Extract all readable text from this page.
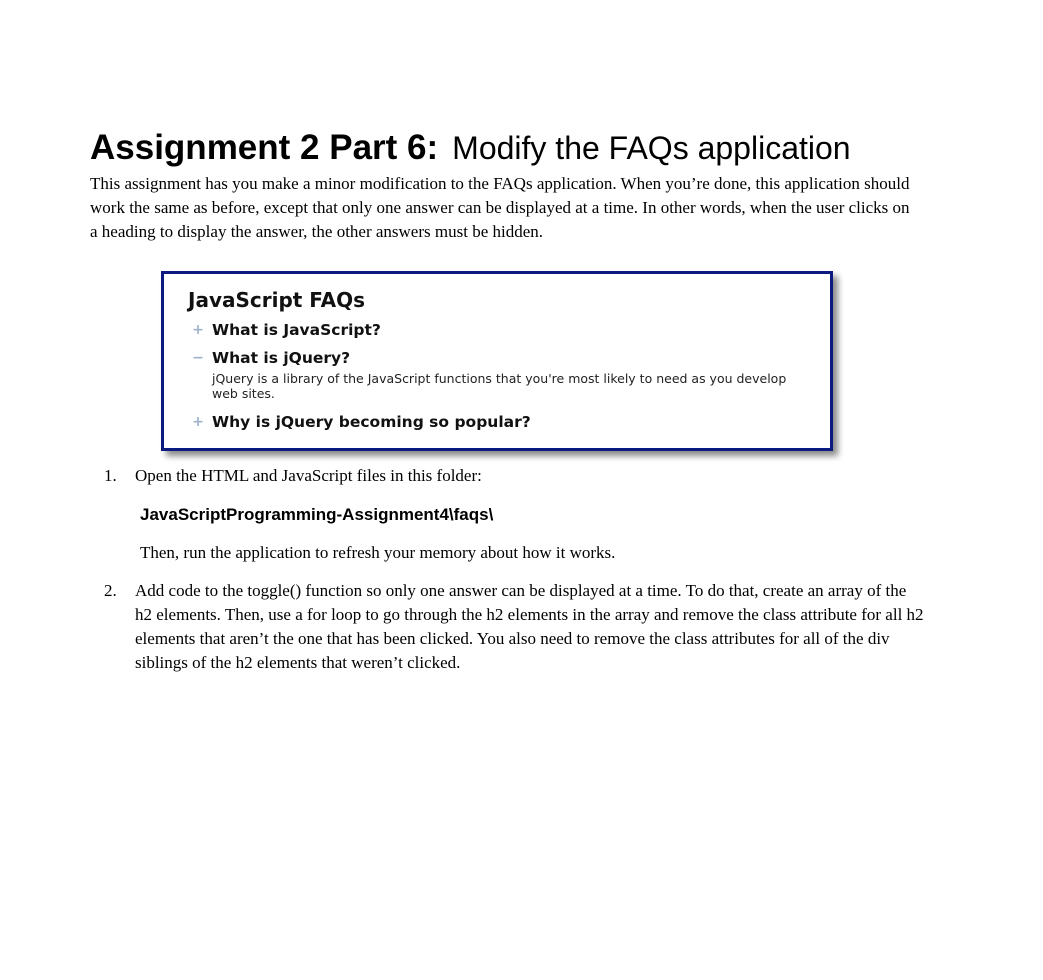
Assignment 2 Part 6: Modify the FAQs application

This assignment has you make a minor modification to the FAQs application. When you’re done, this application should work the same as before, except that only one answer can be displayed at a time. In other words, when the user clicks on a heading to display the answer, the other answers must be hidden.

JavaScript FAQs
+ What is JavaScript?
− What is jQuery?

jQuery is a library of the JavaScript functions that you're most likely to need as you develop web sites.

+ Why is jQuery becoming so popular?
1. Open the HTML and JavaScript files in this folder:

JavaScriptProgramming-Assignment4\faqs\

Then, run the application to refresh your memory about how it works.

2. Add code to the toggle() function so only one answer can be displayed at a time. To do that, create an array of the h2 elements. Then, use a for loop to go through the h2 elements in the array and remove the class attribute for all h2 elements that aren’t the one that has been clicked. You also need to remove the class attributes for all of the div siblings of the h2 elements that weren’t clicked.
